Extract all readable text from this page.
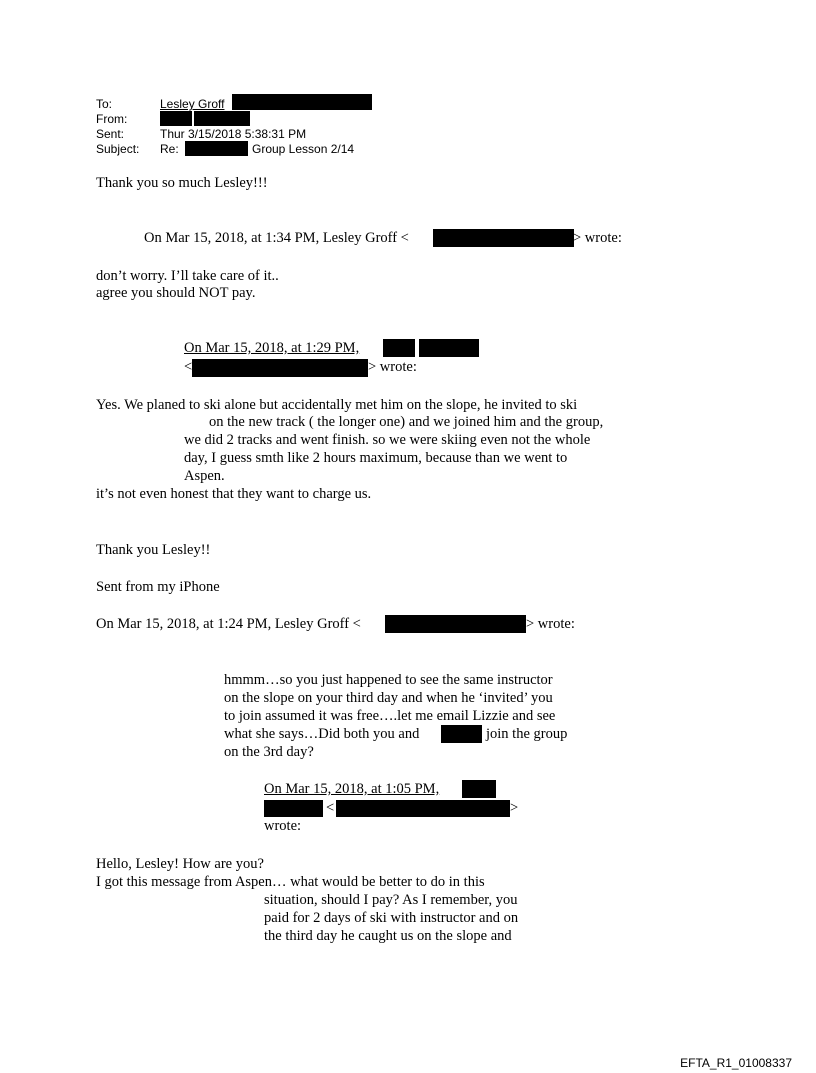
To:	Lesley Groff
From:
Sent:	Thur 3/15/2018 5:38:31 PM
Subject: Re:	Group Lesson 2/14
Thank you so much Lesley!!!
On Mar 15, 2018, at 1:34 PM, Lesley Groff <	> wrote:
don’t worry. I’ll take care of it..
agree you should NOT pay.
On Mar 15, 2018, at 1:29 PM,
<	> wrote:
Yes. We planed to ski alone but accidentally met him on the slope, he invited to ski
on the new track ( the longer one) and we joined him and the group,
we did 2 tracks and went finish. so we were skiing even not the whole
day, I guess smth like 2 hours maximum, because than we went to
Aspen.
it’s not even honest that they want to charge us.
Thank you Lesley!!
Sent from my iPhone
On Mar 15, 2018, at 1:24 PM, Lesley Groff <	> wrote:
hmmm…so you just happened to see the same instructor
on the slope on your third day and when he ‘invited’ you
to join assumed it was free….let me email Lizzie and see
what she says…Did both you and	join the group
on the 3rd day?
On Mar 15, 2018, at 1:05 PM,
<	>
wrote:
Hello, Lesley! How are you?
I got this message from Aspen… what would be better to do in this
situation, should I pay? As I remember, you
paid for 2 days of ski with instructor and on
the third day he caught us on the slope and
EFTA_R1_01008337
